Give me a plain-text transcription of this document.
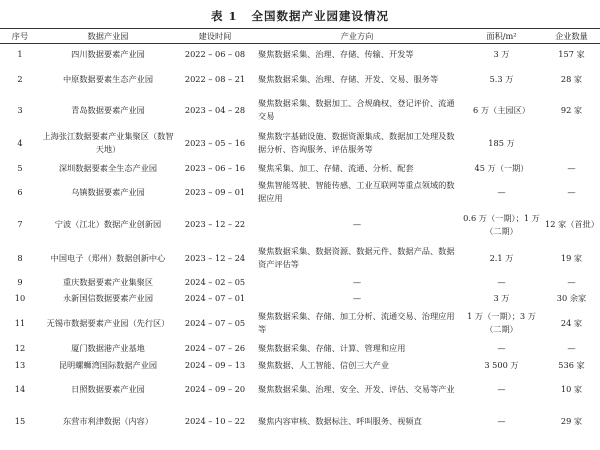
表 1 全国数据产业园建设情况
序号	数据产业园	建设时间	产业方向	面积/m²	企业数量
1	四川数据要素产业园	2022 – 06 – 08	聚焦数据采集、治理、存储、传输、开发等	3 万	157 家
2	中原数据要素生态产业园	2022 – 08 – 21	聚焦数据采集、治理、存储、开发、交易、服务等	5.3 万	28 家
3	青岛数据要素产业园	2023 – 04 – 28	聚焦数据采集、数据加工、合规确权、登记评价、流通交易	6 万（主园区）	92 家
4	上海张江数据要素产业集聚区（数智天地）	2023 – 05 – 16	聚焦数字基础设施、数据资源集成、数据加工处理及数据分析、咨询服务、评估服务等	185 万	
5	深圳数据要素全生态产业园	2023 – 06 – 16	聚焦采集、加工、存储、流通、分析、配套	45 万（一期）	—
6	乌镇数据要素产业园	2023 – 09 – 01	聚焦智能驾驶、智能传感、工业互联网等重点领域的数据应用	—	—
7	宁波（江北）数据产业创新园	2023 – 12 – 22	—	0.6 万（一期）；1 万（二期）	12 家（首批）
8	中国电子（郑州）数据创新中心	2023 – 12 – 24	聚焦数据采集、数据资源、数据元件、数据产品、数据资产评估等	2.1 万	19 家
9	重庆数据要素产业集聚区	2024 – 02 – 05	—	—	—
10	永新国信数据要素产业园	2024 – 07 – 01	—	3 万	30 余家
11	无锡市数据要素产业园（先行区）	2024 – 07 – 05	聚焦数据采集、存储、加工分析、流通交易、治理应用等	1 万（一期）；3 万（二期）	24 家
12	厦门数据港产业基地	2024 – 07 – 26	聚焦数据采集、存储、计算、管理和应用	—	—
13	昆明螺蛳湾国际数据产业园	2024 – 09 – 13	聚焦数据、人工智能、信创三大产业	3 500 万	536 家
14	日照数据要素产业园	2024 – 09 – 20	聚焦数据采集、治理、安全、开发、评估、交易等产业	—	10 家
15	东营市利津数据（内容）	2024 – 10 – 22	聚焦内容审核、数据标注、呼叫服务、视频直	—	29 家
